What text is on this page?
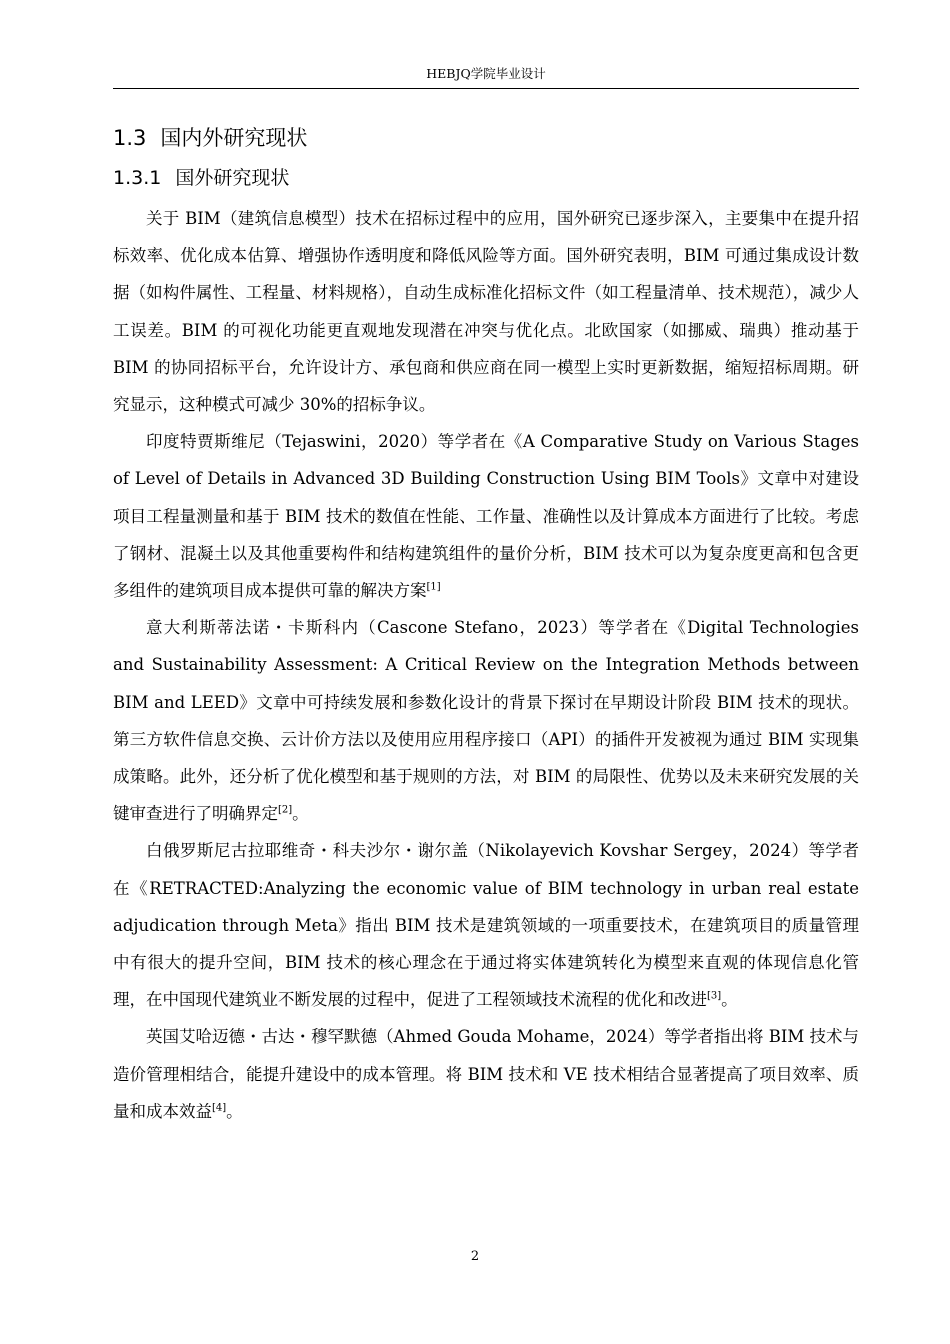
HEBJQ学院毕业设计
1.3 国内外研究现状
1.3.1 国外研究现状

关于 BIM（建筑信息模型）技术在招标过程中的应用，国外研究已逐步深入，主要集中在提升招标效率、优化成本估算、增强协作透明度和降低风险等方面。国外研究表明，BIM 可通过集成设计数据（如构件属性、工程量、材料规格），自动生成标准化招标文件（如工程量清单、技术规范），减少人工误差。BIM 的可视化功能更直观地发现潜在冲突与优化点。北欧国家（如挪威、瑞典）推动基于 BIM 的协同招标平台，允许设计方、承包商和供应商在同一模型上实时更新数据，缩短招标周期。研究显示，这种模式可减少 30%的招标争议。

印度特贾斯维尼（Tejaswini，2020）等学者在《A Comparative Study on Various Stages of Level of Details in Advanced 3D Building Construction Using BIM Tools》文章中对建设项目工程量测量和基于 BIM 技术的数值在性能、工作量、准确性以及计算成本方面进行了比较。考虑了钢材、混凝土以及其他重要构件和结构建筑组件的量价分析，BIM 技术可以为复杂度更高和包含更多组件的建筑项目成本提供可靠的解决方案[1]

意大利斯蒂法诺・卡斯科内（Cascone Stefano，2023）等学者在《Digital Technologies and Sustainability Assessment: A Critical Review on the Integration Methods between BIM and LEED》文章中可持续发展和参数化设计的背景下探讨在早期设计阶段 BIM 技术的现状。第三方软件信息交换、云计价方法以及使用应用程序接口（API）的插件开发被视为通过 BIM 实现集成策略。此外，还分析了优化模型和基于规则的方法，对 BIM 的局限性、优势以及未来研究发展的关键审查进行了明确界定[2]。

白俄罗斯尼古拉耶维奇・科夫沙尔・谢尔盖（Nikolayevich Kovshar Sergey，2024）等学者在《RETRACTED:Analyzing the economic value of BIM technology in urban real estate adjudication through Meta》指出 BIM 技术是建筑领域的一项重要技术，在建筑项目的质量管理中有很大的提升空间，BIM 技术的核心理念在于通过将实体建筑转化为模型来直观的体现信息化管理，在中国现代建筑业不断发展的过程中，促进了工程领域技术流程的优化和改进[3]。

英国艾哈迈德・古达・穆罕默德（Ahmed Gouda Mohame，2024）等学者指出将 BIM 技术与造价管理相结合，能提升建设中的成本管理。将 BIM 技术和 VE 技术相结合显著提高了项目效率、质量和成本效益[4]。

2
